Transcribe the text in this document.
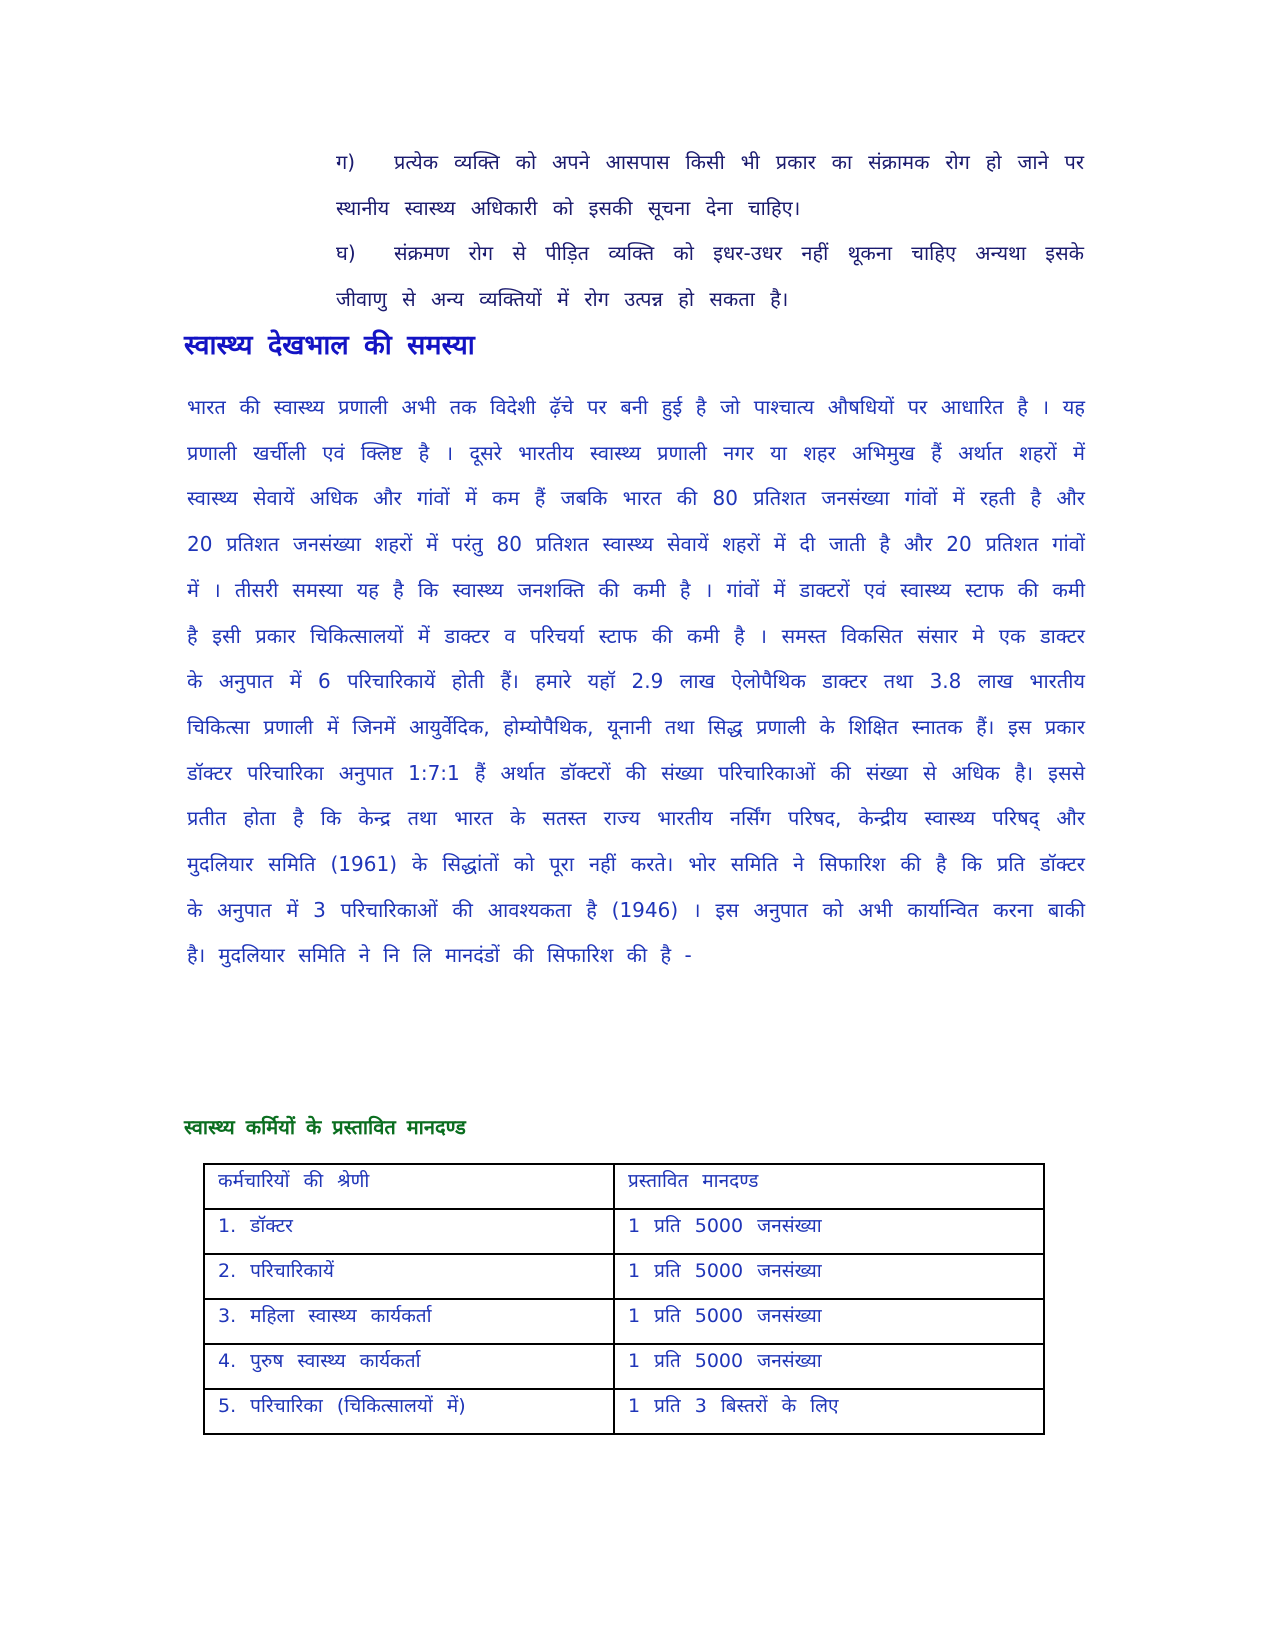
ग) प्रत्येक व्यक्ति को अपने आसपास किसी भी प्रकार का संक्रामक रोग हो जाने पर स्थानीय स्वास्थ्य अधिकारी को इसकी सूचना देना चाहिए।

घ) संक्रमण रोग से पीड़ित व्यक्ति को इधर-उधर नहीं थूकना चाहिए अन्यथा इसके जीवाणु से अन्य व्यक्तियों में रोग उत्पन्न हो सकता है।

स्वास्थ्य देखभाल की समस्या

भारत की स्वास्थ्य प्रणाली अभी तक विदेशी ढ़ॅचे पर बनी हुई है जो पाश्चात्य औषधियों पर आधारित है । यह प्रणाली खर्चीली एवं क्लिष्ट है । दूसरे भारतीय स्वास्थ्य प्रणाली नगर या शहर अभिमुख हैं अर्थात शहरों में स्वास्थ्य सेवायें अधिक और गांवों में कम हैं जबकि भारत की 80 प्रतिशत जनसंख्या गांवों में रहती है और 20 प्रतिशत जनसंख्या शहरों में परंतु 80 प्रतिशत स्वास्थ्य सेवायें शहरों में दी जाती है और 20 प्रतिशत गांवों में । तीसरी समस्या यह है कि स्वास्थ्य जनशक्ति की कमी है । गांवों में डाक्टरों एवं स्वास्थ्य स्टाफ की कमी है इसी प्रकार चिकित्सालयों में डाक्टर व परिचर्या स्टाफ की कमी है । समस्त विकसित संसार मे एक डाक्टर के अनुपात में 6 परिचारिकायें होती हैं। हमारे यहॉ 2.9 लाख ऐलोपैथिक डाक्टर तथा 3.8 लाख भारतीय चिकित्सा प्रणाली में जिनमें आयुर्वेदिक, होम्योपैथिक, यूनानी तथा सिद्ध प्रणाली के शिक्षित स्नातक हैं। इस प्रकार डॉक्टर परिचारिका अनुपात 1:7:1 हैं अर्थात डॉक्टरों की संख्या परिचारिकाओं की संख्या से अधिक है। इससे प्रतीत होता है कि केन्द्र तथा भारत के सतस्त राज्य भारतीय नर्सिंग परिषद, केन्द्रीय स्वास्थ्य परिषद् और मुदलियार समिति (1961) के सिद्धांतों को पूरा नहीं करते। भोर समिति ने सिफारिश की है कि प्रति डॉक्टर के अनुपात में 3 परिचारिकाओं की आवश्यकता है (1946) । इस अनुपात को अभी कार्यान्वित करना बाकी है। मुदलियार समिति ने नि लि मानदंडों की सिफारिश की है -

स्वास्थ्य कर्मियों के प्रस्तावित मानदण्ड
कर्मचारियों की श्रेणी	प्रस्तावित मानदण्ड
1. डॉक्टर	1 प्रति 5000 जनसंख्या
2. परिचारिकायें	1 प्रति 5000 जनसंख्या
3. महिला स्वास्थ्य कार्यकर्ता	1 प्रति 5000 जनसंख्या
4. पुरुष स्वास्थ्य कार्यकर्ता	1 प्रति 5000 जनसंख्या
5. परिचारिका (चिकित्सालयों में)	1 प्रति 3 बिस्तरों के लिए
